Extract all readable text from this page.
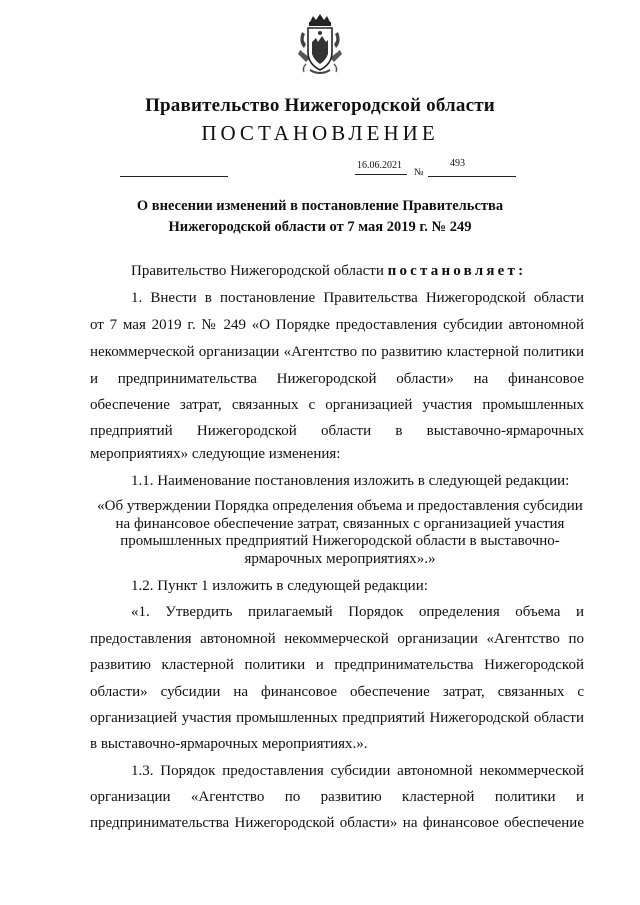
Правительство Нижегородской области
ПОСТАНОВЛЕНИЕ
16.06.2021
№
493
О внесении изменений в постановление Правительства
Нижегородской области от 7 мая 2019 г. № 249
Правительство Нижегородской области постановляет:
1. Внести в постановление Правительства Нижегородской области
от 7 мая 2019 г. № 249 «О Порядке предоставления субсидии автономной
некоммерческой организации «Агентство по развитию кластерной политики
и предпринимательства Нижегородской области» на финансовое
обеспечение затрат, связанных с организацией участия промышленных
предприятий Нижегородской области в выставочно-ярмарочных
мероприятиях» следующие изменения:
1.1. Наименование постановления изложить в следующей редакции:
«Об утверждении Порядка определения объема и предоставления субсидии
на финансовое обеспечение затрат, связанных с организацией участия
промышленных предприятий Нижегородской области в выставочно-
ярмарочных мероприятиях».»
1.2. Пункт 1 изложить в следующей редакции:
«1. Утвердить прилагаемый Порядок определения объема и
предоставления автономной некоммерческой организации «Агентство по
развитию кластерной политики и предпринимательства Нижегородской
области» субсидии на финансовое обеспечение затрат, связанных с
организацией участия промышленных предприятий Нижегородской области
в выставочно-ярмарочных мероприятиях.».
1.3. Порядок предоставления субсидии автономной некоммерческой
организации «Агентство по развитию кластерной политики и
предпринимательства Нижегородской области» на финансовое обеспечение
